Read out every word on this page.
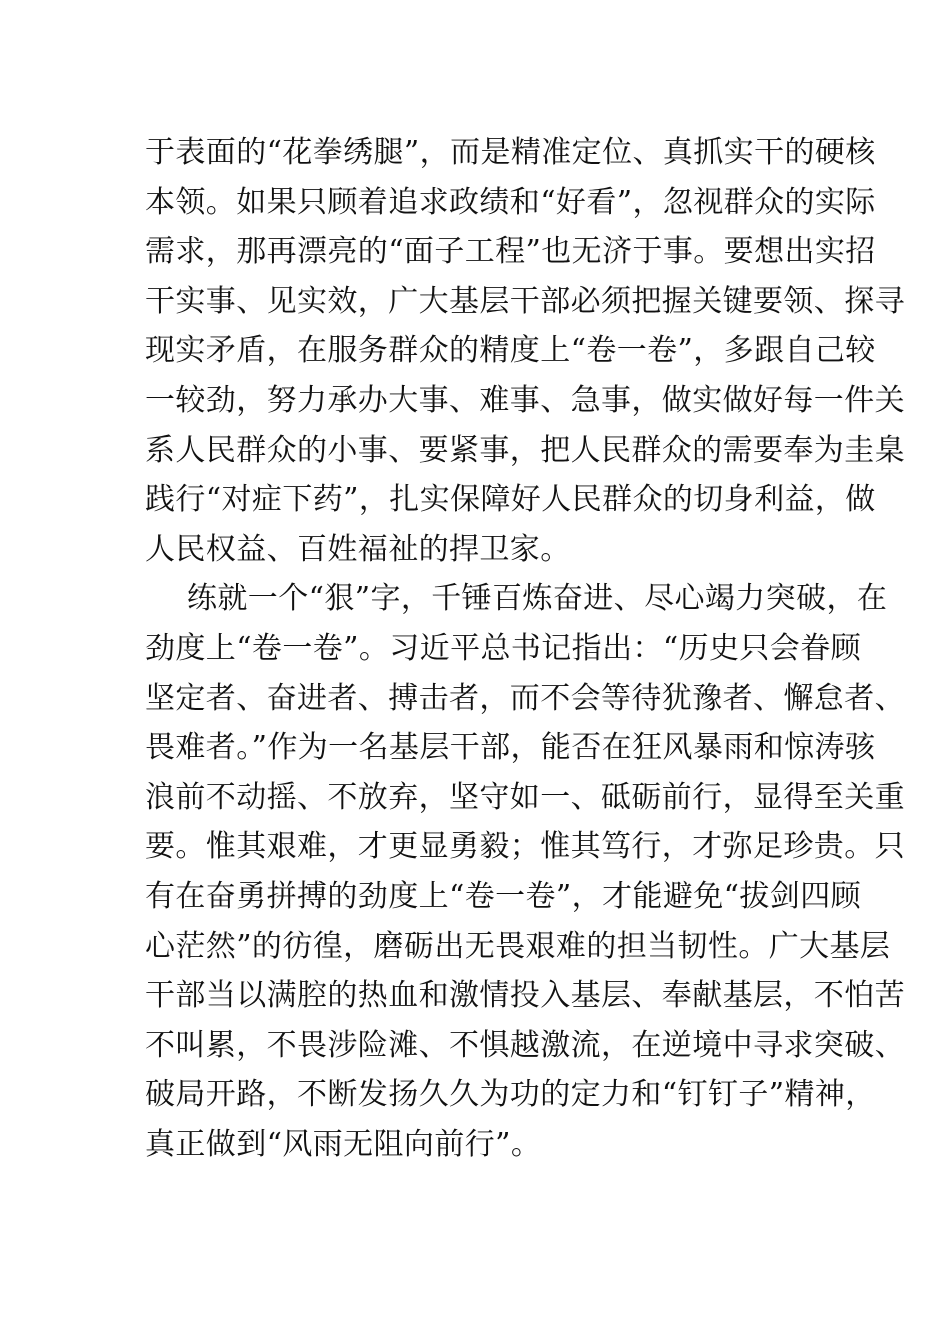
于表面的“花拳绣腿”，而是精准定位、真抓实干的硬核
本领。如果只顾着追求政绩和“好看”，忽视群众的实际
需求，那再漂亮的“面子工程”也无济于事。要想出实招
干实事、见实效，广大基层干部必须把握关键要领、探寻
现实矛盾，在服务群众的精度上“卷一卷”，多跟自己较
一较劲，努力承办大事、难事、急事，做实做好每一件关
系人民群众的小事、要紧事，把人民群众的需要奉为圭臬
践行“对症下药”，扎实保障好人民群众的切身利益，做
人民权益、百姓福祉的捍卫家。
练就一个“狠”字，千锤百炼奋进、尽心竭力突破，在
劲度上“卷一卷”。习近平总书记指出：“历史只会眷顾
坚定者、奋进者、搏击者，而不会等待犹豫者、懈怠者、
畏难者。”作为一名基层干部，能否在狂风暴雨和惊涛骇
浪前不动摇、不放弃，坚守如一、砥砺前行，显得至关重
要。惟其艰难，才更显勇毅；惟其笃行，才弥足珍贵。只
有在奋勇拼搏的劲度上“卷一卷”，才能避免“拔剑四顾
心茫然”的彷徨，磨砺出无畏艰难的担当韧性。广大基层
干部当以满腔的热血和激情投入基层、奉献基层，不怕苦
不叫累，不畏涉险滩、不惧越激流，在逆境中寻求突破、
破局开路，不断发扬久久为功的定力和“钉钉子”精神，
真正做到“风雨无阻向前行”。
